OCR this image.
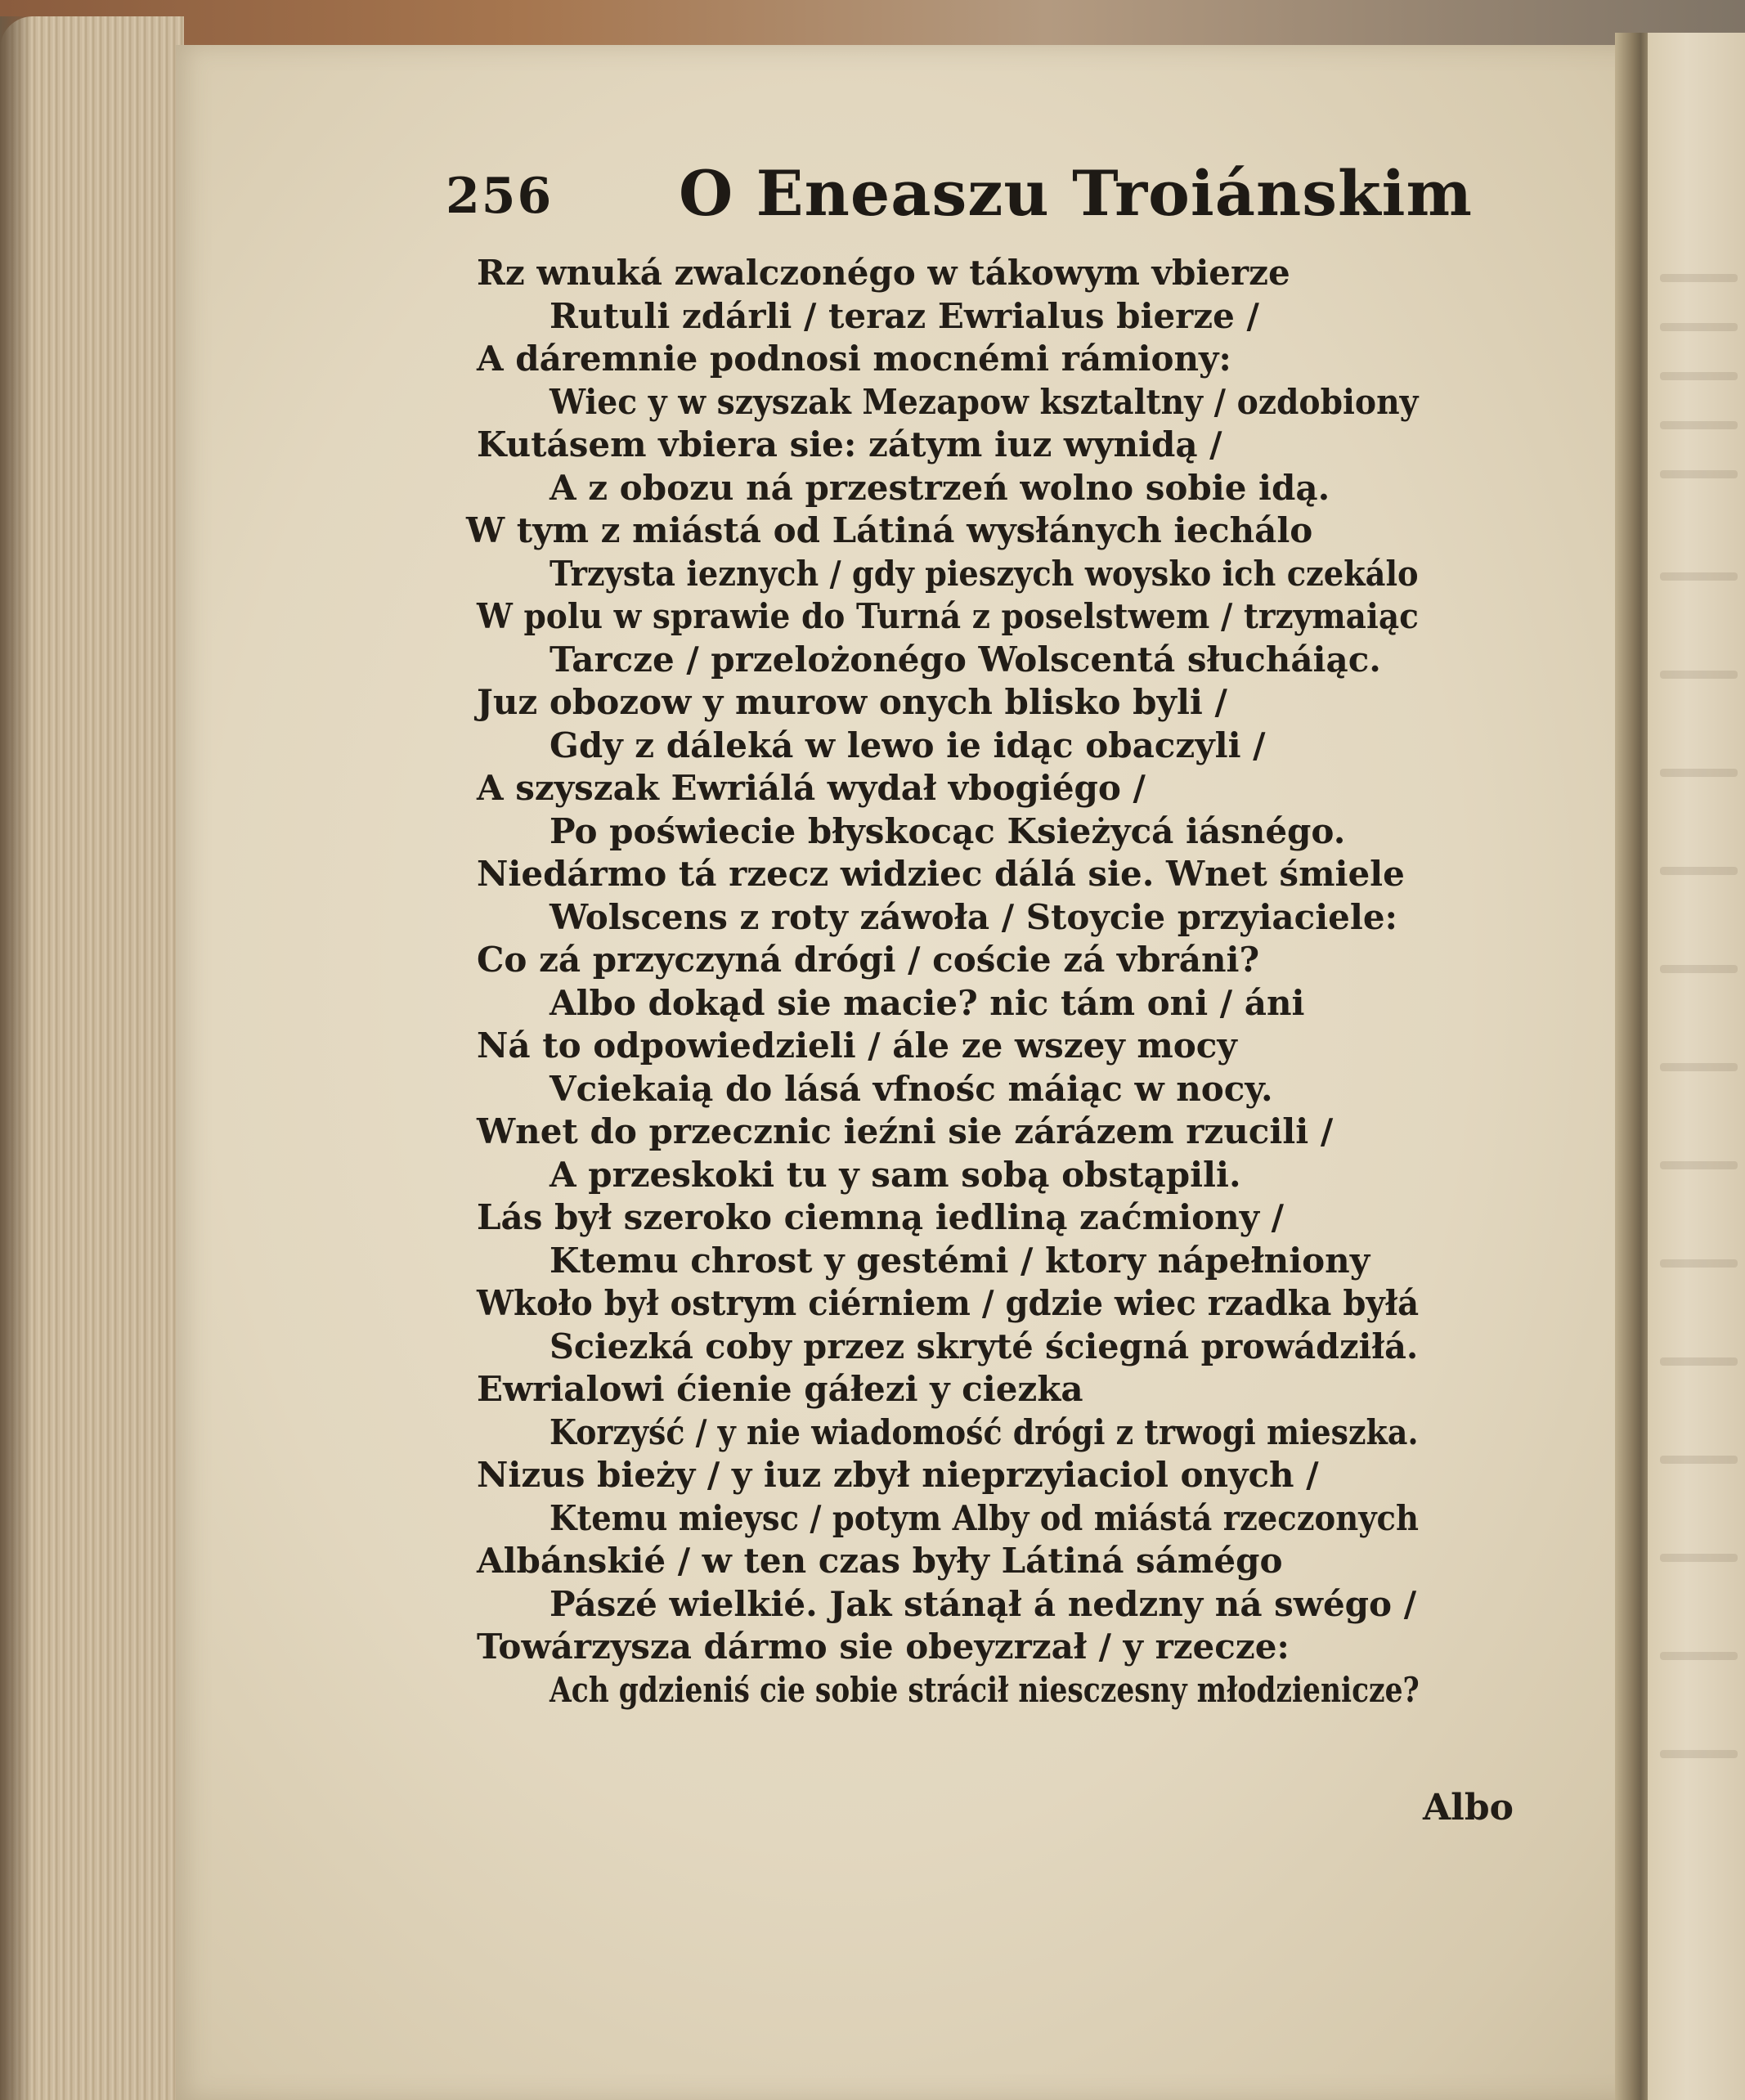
256 O Eneaszu Troiánskim
Rz wnuká zwalczonégo w tákowym vbierze
Rutuli zdárli / teraz Ewrialus bierze /
A dáremnie podnosi mocnémi rámiony:
Wiec y w szyszak Mezapow ksztaltny / ozdobiony
Kutásem vbiera sie: zátym iuz wynidą /
A z obozu ná przestrzeń wolno sobie idą.
W tym z miástá od Látiná wysłánych iechálo
Trzysta ieznych / gdy pieszych woysko ich czekálo
W polu w sprawie do Turná z poselstwem / trzymaiąc
Tarcze / przelożonégo Wolscentá słucháiąc.
Juz obozow y murow onych blisko byli /
Gdy z dáleká w lewo ie idąc obaczyli /
A szyszak Ewriálá wydał vbogiégo /
Po poświecie błyskocąc Ksieżycá iásnégo.
Niedármo tá rzecz widziec dálá sie. Wnet śmiele
Wolscens z roty záwoła / Stoycie przyiaciele:
Co zá przyczyná drógi / coście zá vbráni?
Albo dokąd sie macie? nic tám oni / áni
Ná to odpowiedzieli / ále ze wszey mocy
Vciekaią do lásá vfnośc máiąc w nocy.
Wnet do przecznic ieźni sie zárázem rzucili /
A przeskoki tu y sam sobą obstąpili.
Lás był szeroko ciemną iedliną zaćmiony /
Ktemu chrost y gestémi / ktory nápełniony
Wkoło był ostrym ciérniem / gdzie wiec rzadka byłá
Sciezká coby przez skryté ściegná prowádziłá.
Ewrialowi ćienie gáłezi y ciezka
Korzyść / y nie wiadomość drógi z trwogi mieszka.
Nizus bieży / y iuz zbył nieprzyiaciol onych /
Ktemu mieysc / potym Alby od miástá rzeczonych
Albánskié / w ten czas były Látiná sámégo
Pászé wielkié. Jak stánął á nedzny ná swégo /
Towárzysza dármo sie obeyzrzał / y rzecze:
Ach gdzieniś cie sobie strácił niesczesny młodzienicze?
Albo
